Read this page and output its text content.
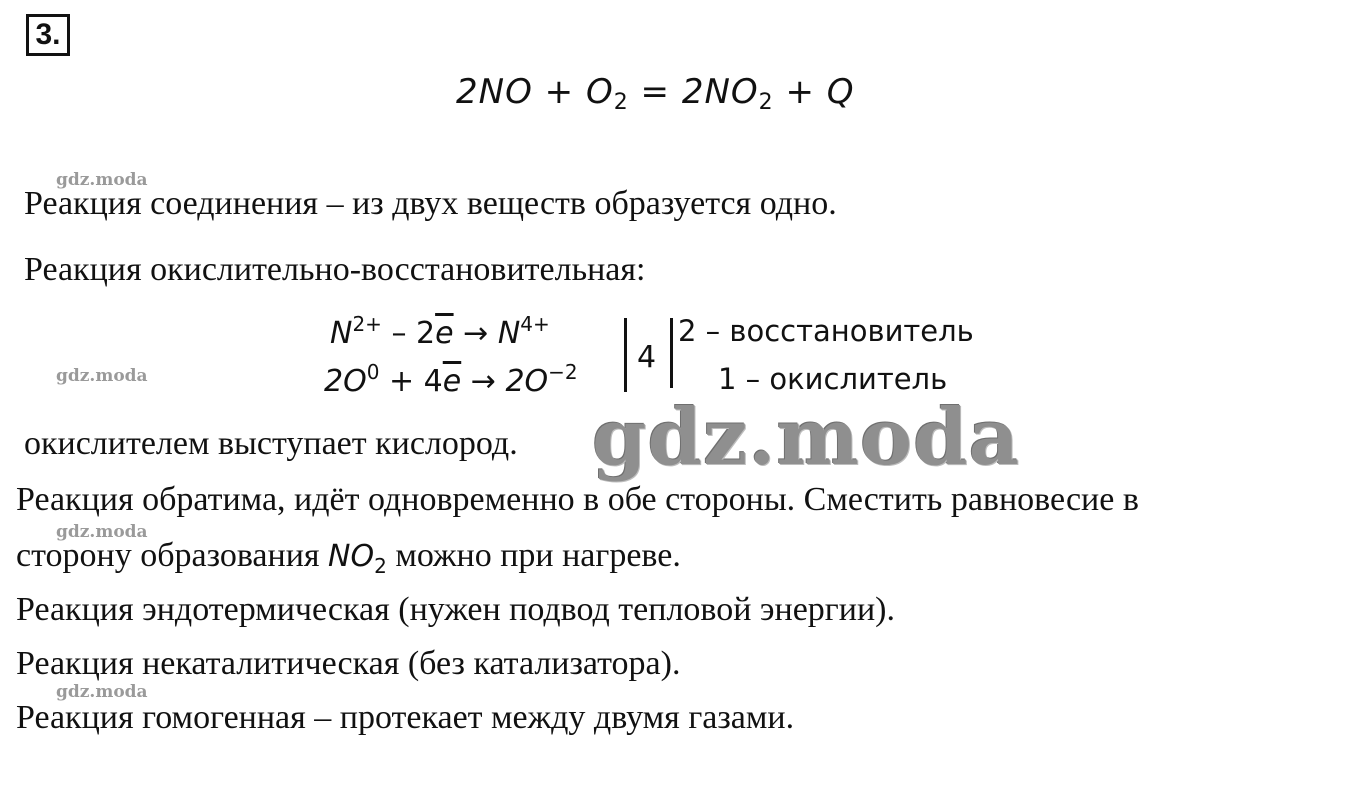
3.
$2NO + O_2 = 2NO_2 + Q$
gdz.moda
gdz.moda
gdz.moda
gdz.moda
Реакция соединения – из двух веществ образуется одно.
Реакция окислительно-восстановительная:
$N^{2+} - 2\overline{e} \to N^{4+}$
$2O^0 + 4\overline{e} \to 2O^{-2}$ 4
2 – восстановитель
1 – окислитель
окислителем выступает кислород. gdz.moda
Реакция обратима, идёт одновременно в обе стороны. Сместить равновесие в
сторону образования $NO_2$ можно при нагреве.
Реакция эндотермическая (нужен подвод тепловой энергии).
Реакция некаталитическая (без катализатора).
Реакция гомогенная – протекает между двумя газами.
